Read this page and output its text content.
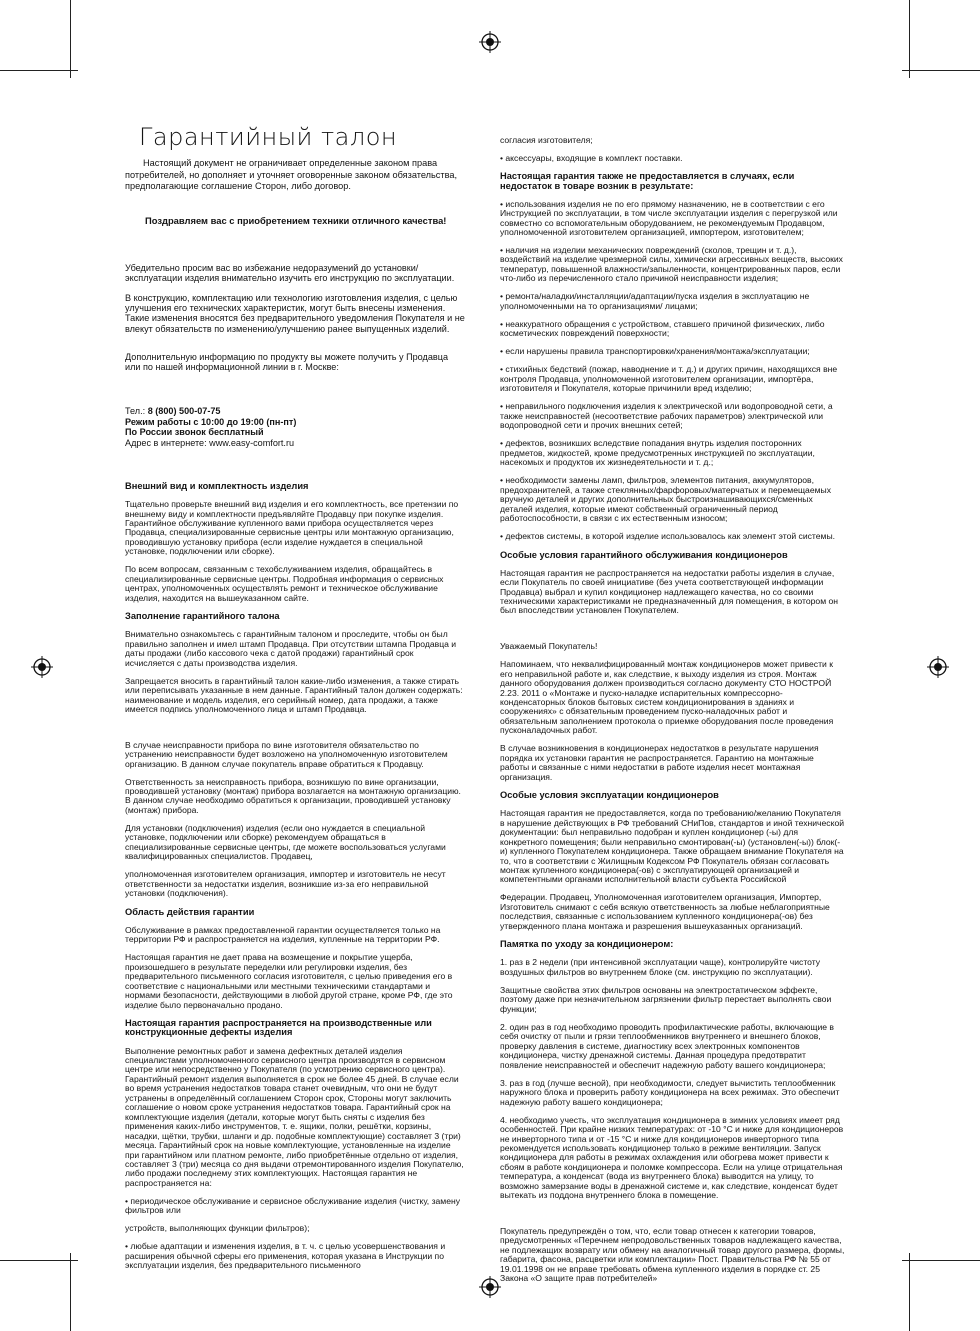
Гарантийный талон
Настоящий документ не ограничивает определенные законом права потребителей, но дополняет и уточняет оговоренные законом обязательства, предполагающие соглашение Сторон, либо договор.
Поздравляем вас с приобретением техники отличного качества!

Убедительно просим вас во избежание недоразумений до установки/эксплуатации изделия внимательно изучить его инструкцию по эксплуатации.

В конструкцию, комплектацию или технологию изготовления изделия, с целью улучшения его технических характеристик, могут быть внесены изменения. Такие изменения вносятся без предварительного уведомления Покупателя и не влекут обязательств по изменению/улучшению ранее выпущенных изделий.

Дополнительную информацию по продукту вы можете получить у Продавца или по нашей информационной линии в г. Москве:
Тел.: 8 (800) 500-07-75
Режим работы с 10:00 до 19:00 (пн-пт)
По России звонок бесплатный
Адрес в интернете: www.easy-comfort.ru
Внешний вид и комплектность изделия

Тщательно проверьте внешний вид изделия и его комплектность, все претензии по внешнему виду и комплектности предъявляйте Продавцу при покупке изделия. Гарантийное обслуживание купленного вами прибора осуществляется через Продавца, специализированные сервисные центры или монтажную организацию, проводившую установку прибора (если изделие нуждается в специальной установке, подключении или сборке).

По всем вопросам, связанным с техобслуживанием изделия, обращайтесь в специализированные сервисные центры. Подробная информация о сервисных центрах, уполномоченных осуществлять ремонт и техническое обслуживание изделия, находится на вышеуказанном сайте.

Заполнение гарантийного талона

Внимательно ознакомьтесь с гарантийным талоном и проследите, чтобы он был правильно заполнен и имел штамп Продавца. При отсутствии штампа Продавца и даты продажи (либо кассового чека с датой продажи) гарантийный срок исчисляется с даты производства изделия.

Запрещается вносить в гарантийный талон какие-либо изменения, а также стирать или переписывать указанные в нем данные. Гарантийный талон должен содержать: наименование и модель изделия, его серийный номер, дата продажи, а также имеется подпись уполномоченного лица и штамп Продавца.

В случае неисправности прибора по вине изготовителя обязательство по устранению неисправности будет возложено на уполномоченную изготовителем организацию. В данном случае покупатель вправе обратиться к Продавцу.

Ответственность за неисправность прибора, возникшую по вине организации, проводившей установку (монтаж) прибора возлагается на монтажную организацию. В данном случае необходимо обратиться к организации, проводившей установку (монтаж) прибора.

Для установки (подключения) изделия (если оно нуждается в специальной установке, подключении или сборке) рекомендуем обращаться в специализированные сервисные центры, где можете воспользоваться услугами квалифицированных специалистов. Продавец,

уполномоченная изготовителем организация, импортер и изготовитель не несут ответственности за недостатки изделия, возникшие из-за его неправильной установки (подключения).

Область действия гарантии

Обслуживание в рамках предоставленной гарантии осуществляется только на территории РФ и распространяется на изделия, купленные на территории РФ.

Настоящая гарантия не дает права на возмещение и покрытие ущерба, произошедшего в результате переделки или регулировки изделия, без предварительного письменного согласия изготовителя, с целью приведения его в соответствие с национальными или местными техническими стандартами и нормами безопасности, действующими в любой другой стране, кроме РФ, где это изделие было первоначально продано.

Настоящая гарантия распространяется на производственные или конструкционные дефекты изделия

Выполнение ремонтных работ и замена дефектных деталей изделия специалистами уполномоченного сервисного центра производятся в сервисном центре или непосредственно у Покупателя (по усмотрению сервисного центра). Гарантийный ремонт изделия выполняется в срок не более 45 дней. В случае если во время устранения недостатков товара станет очевидным, что они не будут устранены в определённый соглашением Сторон срок, Стороны могут заключить соглашение о новом сроке устранения недостатков товара. Гарантийный срок на комплектующие изделия (детали, которые могут быть сняты с изделия без применения каких-либо инструментов, т. е. ящики, полки, решётки, корзины, насадки, щётки, трубки, шланги и др. подобные комплектующие) составляет 3 (три) месяца. Гарантийный срок на новые комплектующие, установленные на изделие при гарантийном или платном ремонте, либо приобретённые отдельно от изделия, составляет 3 (три) месяца со дня выдачи отремонтированного изделия Покупателю, либо продажи последнему этих комплектующих. Настоящая гарантия не распространяется на:

• периодическое обслуживание и сервисное обслуживание изделия (чистку, замену фильтров или

устройств, выполняющих функции фильтров);

• любые адаптации и изменения изделия, в т. ч. с целью усовершенствования и расширения обычной сферы его применения, которая указана в Инструкции по эксплуатации изделия, без предварительного письменного

согласия изготовителя;

• аксессуары, входящие в комплект поставки.

Настоящая гарантия также не предоставляется в случаях, если недостаток в товаре возник в результате:

• использования изделия не по его прямому назначению, не в соответствии с его Инструкцией по эксплуатации, в том числе эксплуатации изделия с перегрузкой или совместно со вспомогательным оборудованием, не рекомендуемым Продавцом, уполномоченной изготовителем организацией, импортером, изготовителем;

• наличия на изделии механических повреждений (сколов, трещин и т. д.), воздействий на изделие чрезмерной силы, химически агрессивных веществ, высоких температур, повышенной влажности/запыленности, концентрированных паров, если что-либо из перечисленного стало причиной неисправности изделия;

• ремонта/наладки/инсталляции/адаптации/пуска изделия в эксплуатацию не уполномоченными на то организациями/ лицами;

• неаккуратного обращения с устройством, ставшего причиной физических, либо косметических повреждений поверхности;

• если нарушены правила транспортировки/хранения/монтажа/эксплуатации;

• стихийных бедствий (пожар, наводнение и т. д.) и других причин, находящихся вне контроля Продавца, уполномоченной изготовителем организации, импортёра, изготовителя и Покупателя, которые причинили вред изделию;

• неправильного подключения изделия к электрической или водопроводной сети, а также неисправностей (несоответствие рабочих параметров) электрической или водопроводной сети и прочих внешних сетей;

• дефектов, возникших вследствие попадания внутрь изделия посторонних предметов, жидкостей, кроме предусмотренных инструкцией по эксплуатации, насекомых и продуктов их жизнедеятельности и т. д.;

• необходимости замены ламп, фильтров, элементов питания, аккумуляторов, предохранителей, а также стеклянных/фарфоровых/матерчатых и перемещаемых вручную деталей и других дополнительных быстроизнашивающихся/сменных деталей изделия, которые имеют собственный ограниченный период работоспособности, в связи с их естественным износом;

• дефектов системы, в которой изделие использовалось как элемент этой системы.

Особые условия гарантийного обслуживания кондиционеров

Настоящая гарантия не распространяется на недостатки работы изделия в случае, если Покупатель по своей инициативе (без учета соответствующей информации Продавца) выбрал и купил кондиционер надлежащего качества, но со своими техническими характеристиками не предназначенный для помещения, в котором он был впоследствии установлен Покупателем.

Уважаемый Покупатель!

Напоминаем, что неквалифицированный монтаж кондиционеров может привести к его неправильной работе и, как следствие, к выходу изделия из строя. Монтаж данного оборудования должен производиться согласно документу СТО НОСТРОЙ 2.23. 2011 о «Монтаже и пуско-наладке испарительных компрессорно-конденсаторных блоков бытовых систем кондиционирования в зданиях и сооружениях» с обязательным проведением пуско-наладочных работ и обязательным заполнением протокола о приемке оборудования после проведения пусконаладочных работ.

В случае возникновения в кондиционерах недостатков в результате нарушения порядка их установки гарантия не распространяется. Гарантию на монтажные работы и связанные с ними недостатки в работе изделия несет монтажная организация.

Особые условия эксплуатации кондиционеров

Настоящая гарантия не предоставляется, когда по требованию/желанию Покупателя в нарушение действующих в РФ требований СНиПов, стандартов и иной технической документации: был неправильно подобран и куплен кондиционер (-ы) для конкретного помещения; были неправильно смонтирован(-ы) (установлен(-ы)) блок(-и) купленного Покупателем кондиционера. Также обращаем внимание Покупателя на то, что в соответствии с Жилищным Кодексом РФ Покупатель обязан согласовать монтаж купленного кондиционера(-ов) с эксплуатирующей организацией и компетентными органами исполнительной власти субъекта Российской

Федерации. Продавец, Уполномоченная изготовителем организация, Импортер, Изготовитель снимают с себя всякую ответственность за любые неблагоприятные последствия, связанные с использованием купленного кондиционера(-ов) без утвержденного плана монтажа и разрешения вышеуказанных организаций.

Памятка по уходу за кондиционером:

1. раз в 2 недели (при интенсивной эксплуатации чаще), контролируйте чистоту воздушных фильтров во внутреннем блоке (см. инструкцию по эксплуатации).

Защитные свойства этих фильтров основаны на электростатическом эффекте, поэтому даже при незначительном загрязнении фильтр перестает выполнять свои функции;

2. один раз в год необходимо проводить профилактические работы, включающие в себя очистку от пыли и грязи теплообменников внутреннего и внешнего блоков, проверку давления в системе, диагностику всех электронных компонентов кондиционера, чистку дренажной системы. Данная процедура предотвратит появление неисправностей и обеспечит надежную работу вашего кондиционера;

3. раз в год (лучше весной), при необходимости, следует вычистить теплообменник наружного блока и проверить работу кондиционера на всех режимах. Это обеспечит надежную работу вашего кондиционера;

4. необходимо учесть, что эксплуатация кондиционера в зимних условиях имеет ряд особенностей. При крайне низких температурах: от -10 °С и ниже для кондиционеров не инверторного типа и от -15 °С и ниже для кондиционеров инверторного типа рекомендуется использовать кондиционер только в режиме вентиляции. Запуск кондиционера для работы в режимах охлаждения или обогрева может привести к сбоям в работе кондиционера и поломке компрессора. Если на улице отрицательная температура, а конденсат (вода из внутреннего блока) выводится на улицу, то возможно замерзание воды в дренажной системе и, как следствие, конденсат будет вытекать из поддона внутреннего блока в помещение.

Покупатель предупреждён о том, что, если товар отнесен к категории товаров, предусмотренных «Перечнем непродовольственных товаров надлежащего качества, не подлежащих возврату или обмену на аналогичный товар другого размера, формы, габарита, фасона, расцветки или комплектации» Пост. Правительства РФ № 55 от 19.01.1998 он не вправе требовать обмена купленного изделия в порядке ст. 25 Закона «О защите прав потребителей»
